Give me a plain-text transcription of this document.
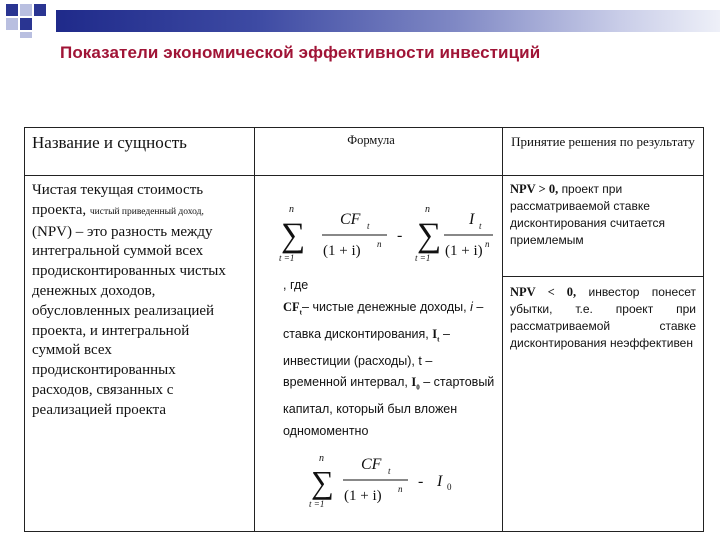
Показатели экономической эффективности инвестиций
Название и сущность	Формула	Принятие решения по результату
Чистая текущая стоимость проекта, чистый приведенный доход, (NPV) – это разность между интегральной суммой всех продисконтированных чистых денежных доходов, обусловленных реализацией проекта, и интегральной суммой всех продисконтированных расходов, связанных с реализацией проекта
n
∑
t =1
CF t
(1 + i) n -
n
∑
t =1
I t
(1 + i) n
, где
$CF_t-$ чистые денежные доходы, i – ставка дисконтирования, $I_t$ – инвестиции (расходы), t – временной интервал, $I_0$ – стартовый капитал, который был вложен одномоментно
n
∑
t =1
CF t
(1 + i) n - I 0
NPV > 0, проект при рассматриваемой ставке дисконтирования считается приемлемым
NPV < 0, инвестор понесет убытки, т.е. проект при рассматриваемой ставке дисконтирования неэффективен
